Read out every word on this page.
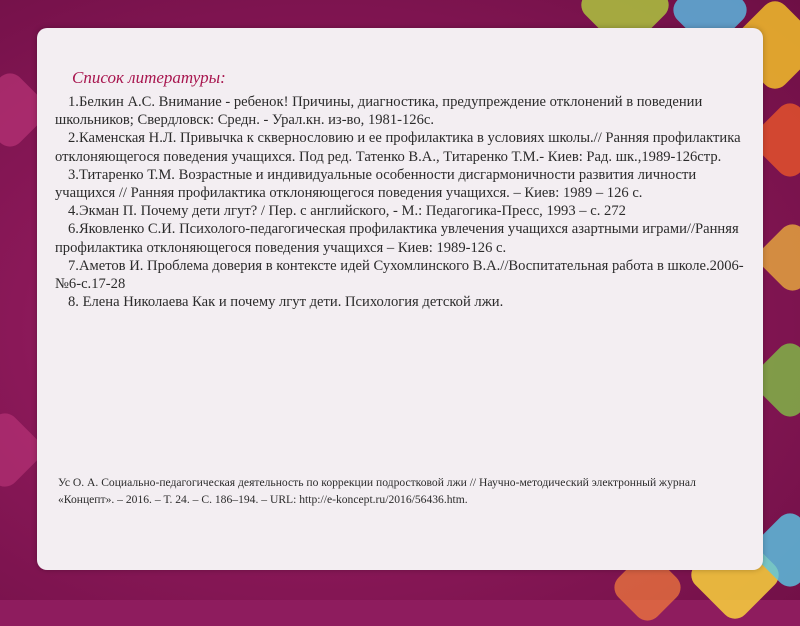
Список литературы:

1.Белкин А.С. Внимание - ребенок! Причины, диагностика, предупреждение отклонений в поведении школьников; Свердловск: Средн. - Урал.кн. из-во, 1981-126с.

2.Каменская Н.Л. Привычка к сквернословию и ее профилактика в условиях школы.// Ранняя профилактика отклоняющегося поведения учащихся. Под ред. Татенко В.А., Титаренко Т.М.- Киев: Рад. шк.,1989-126стр.

3.Титаренко Т.М. Возрастные и индивидуальные особенности дисгармоничности развития личности учащихся // Ранняя профилактика отклоняющегося поведения учащихся. – Киев: 1989 – 126 с.

4.Экман П. Почему дети лгут? / Пер. с английского, - М.: Педагогика-Пресс, 1993 – с. 272

6.Яковленко С.И. Психолого-педагогическая профилактика увлечения учащихся азартными играми//Ранняя профилактика отклоняющегося поведения учащихся – Киев: 1989-126 с.

7.Аметов И. Проблема доверия в контексте идей Сухомлинского В.А.//Воспитательная работа в школе.2006-№6-с.17-28

8. Елена Николаева Как и почему лгут дети. Психология детской лжи.

Ус О. А. Социально-педагогическая деятельность по коррекции подростковой лжи // Научно-методический электронный журнал «Концепт». – 2016. – Т. 24. – С. 186–194. – URL: http://e-koncept.ru/2016/56436.htm.
